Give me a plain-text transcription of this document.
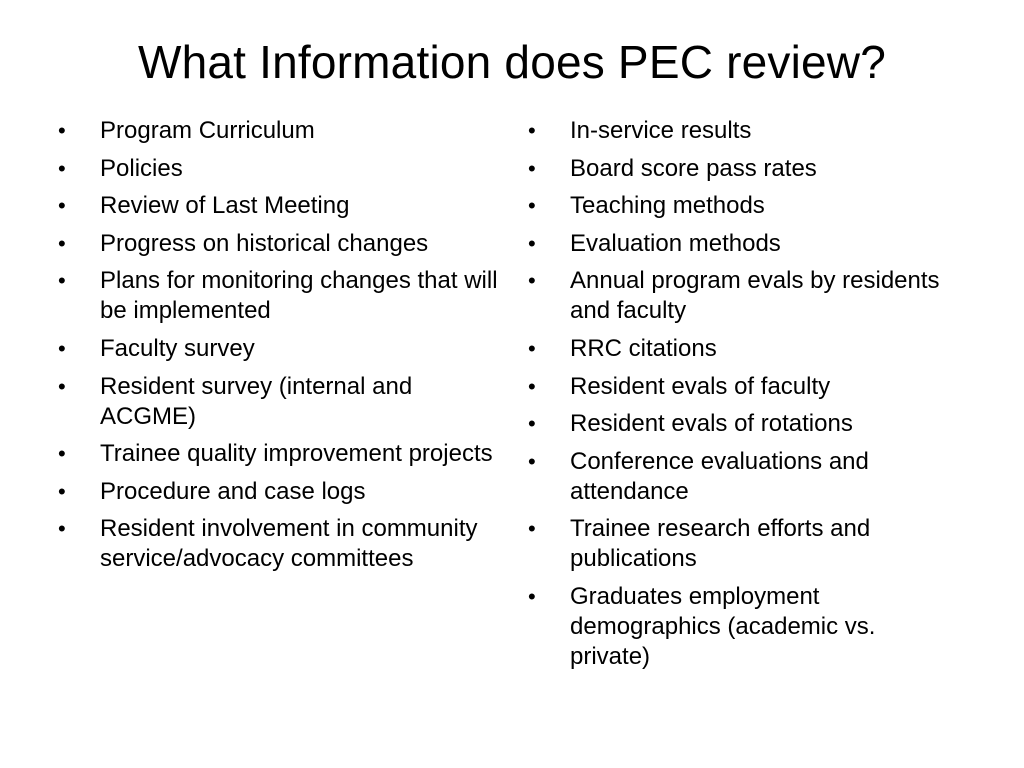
What Information does PEC review?
•	Program Curriculum
•	Policies
•	Review of Last Meeting
•	Progress on historical changes
•	Plans for monitoring changes that will be implemented
•	Faculty survey
•	Resident survey (internal and ACGME)
•	Trainee quality improvement projects
•	Procedure and case logs
•	Resident involvement in community service/advocacy committees
•	In-service results
•	Board score pass rates
•	Teaching methods
•	Evaluation methods
•	Annual program evals by residents and faculty
•	RRC citations
•	Resident evals of faculty
•	Resident evals of rotations
•	Conference evaluations and attendance
•	Trainee research efforts and publications
•	Graduates employment demographics (academic vs. private)
